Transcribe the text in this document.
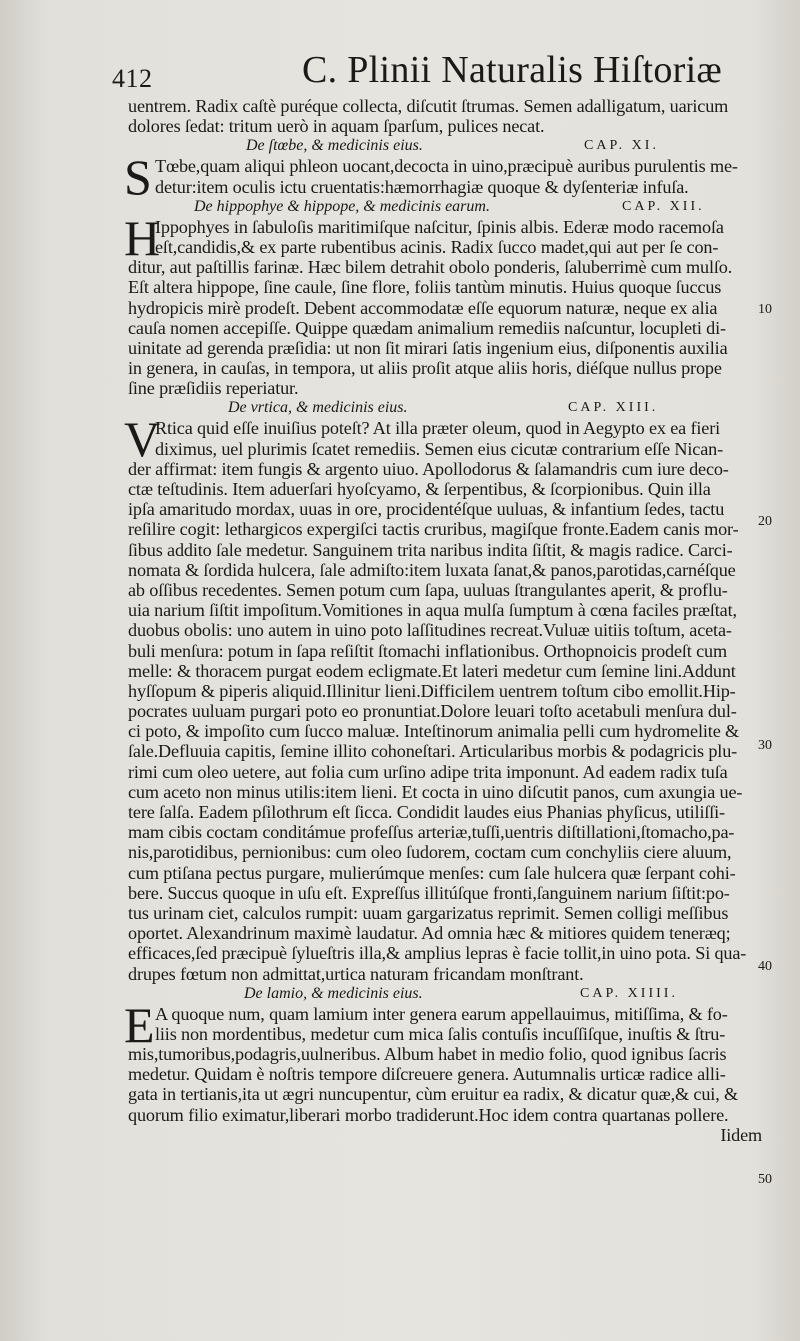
412	C. Plinii Naturalis Hiſtoriæ
uentrem. Radix caſtè puréque collecta, diſcutit ſtrumas. Semen adalligatum, uaricum
dolores ſedat: tritum uerò in aquam ſparſum, pulices necat.
De ſtœbe, & medicinis eius.	CAP. XI.
S Tœbe,quam aliqui phleon uocant,decocta in uino,præcipuè auribus purulentis me-
detur:item oculis ictu cruentatis:hæmorrhagiæ quoque & dyſenteriæ infuſa.
De hippophye & hippope, & medicinis earum.	CAP. XII.
H
Ippophyes in ſabuloſis maritimiſque naſcitur, ſpinis albis. Ederæ modo racemoſa
eſt,candidis,& ex parte rubentibus acinis. Radix ſucco madet,qui aut per ſe con-
ditur, aut paſtillis farinæ. Hæc bilem detrahit obolo ponderis, ſaluberrimè cum mulſo.
Eſt altera hippope, ſine caule, ſine flore, foliis tantùm minutis. Huius quoque ſuccus
hydropicis mirè prodeſt. Debent accommodatæ eſſe equorum naturæ, neque ex alia
cauſa nomen accepiſſe. Quippe quædam animalium remediis naſcuntur, locupleti di-
uinitate ad gerenda præſidia: ut non ſit mirari ſatis ingenium eius, diſponentis auxilia
in genera, in cauſas, in tempora, ut aliis proſit atque aliis horis, diéſque nullus prope
ſine præſidiis reperiatur.
De vrtica, & medicinis eius.	CAP. XIII.
V
Rtica quid eſſe inuiſius poteſt? At illa præter oleum, quod in Aegypto ex ea fieri
diximus, uel plurimis ſcatet remediis. Semen eius cicutæ contrarium eſſe Nican-
der affirmat: item fungis & argento uiuo. Apollodorus & ſalamandris cum iure deco-
ctæ teſtudinis. Item aduerſari hyoſcyamo, & ſerpentibus, & ſcorpionibus. Quin illa
ipſa amaritudo mordax, uuas in ore, procidentéſque uuluas, & infantium ſedes, tactu
reſilire cogit: lethargicos expergiſci tactis cruribus, magiſque fronte.Eadem canis mor-
ſibus addito ſale medetur. Sanguinem trita naribus indita ſiſtit, & magis radice. Carci-
nomata & ſordida hulcera, ſale admiſto:item luxata ſanat,& panos,parotidas,carnéſque
ab oſſibus recedentes. Semen potum cum ſapa, uuluas ſtrangulantes aperit, & proflu-
uia narium ſiſtit impoſitum.Vomitiones in aqua mulſa ſumptum à cœna faciles præſtat,
duobus obolis: uno autem in uino poto laſſitudines recreat.Vuluæ uitiis toſtum, aceta-
buli menſura: potum in ſapa reſiſtit ſtomachi inflationibus. Orthopnoicis prodeſt cum
melle: & thoracem purgat eodem ecligmate.Et lateri medetur cum ſemine lini.Addunt
hyſſopum & piperis aliquid.Illinitur lieni.Difficilem uentrem toſtum cibo emollit.Hip-
pocrates uuluam purgari poto eo pronuntiat.Dolore leuari toſto acetabuli menſura dul-
ci poto, & impoſito cum ſucco maluæ. Inteſtinorum animalia pelli cum hydromelite &
ſale.Defluuia capitis, ſemine illito cohoneſtari. Articularibus morbis & podagricis plu-
rimi cum oleo uetere, aut folia cum urſino adipe trita imponunt. Ad eadem radix tuſa
cum aceto non minus utilis:item lieni. Et cocta in uino diſcutit panos, cum axungia ue-
tere ſalſa. Eadem pſilothrum eſt ſicca. Condidit laudes eius Phanias phyſicus, utiliſſi-
mam cibis coctam conditámue profeſſus arteriæ,tuſſi,uentris diſtillationi,ſtomacho,pa-
nis,parotidibus, pernionibus: cum oleo ſudorem, coctam cum conchyliis ciere aluum,
cum ptiſana pectus purgare, mulierúmque menſes: cum ſale hulcera quæ ſerpant cohi-
bere. Succus quoque in uſu eſt. Expreſſus illitúſque fronti,ſanguinem narium ſiſtit:po-
tus urinam ciet, calculos rumpit: uuam gargarizatus reprimit. Semen colligi meſſibus
oportet. Alexandrinum maximè laudatur. Ad omnia hæc & mitiores quidem teneræq;
efficaces,ſed præcipuè ſylueſtris illa,& amplius lepras è facie tollit,in uino pota. Si qua-
drupes fœtum non admittat,urtica naturam fricandam monſtrant.
De lamio, & medicinis eius.	CAP. XIIII.
E A quoque num, quam lamium inter genera earum appellauimus, mitiſſima, & fo-
liis non mordentibus, medetur cum mica ſalis contuſis incuſſiſque, inuſtis & ſtru-
mis,tumoribus,podagris,uulneribus. Album habet in medio folio, quod ignibus ſacris
medetur. Quidam è noſtris tempore diſcreuere genera. Autumnalis urticæ radice alli-
gata in tertianis,ita ut ægri nuncupentur, cùm eruitur ea radix, & dicatur quæ,& cui, &
quorum filio eximatur,liberari morbo tradiderunt.Hoc idem contra quartanas pollere.
Iidem
10
20
30
40
50
